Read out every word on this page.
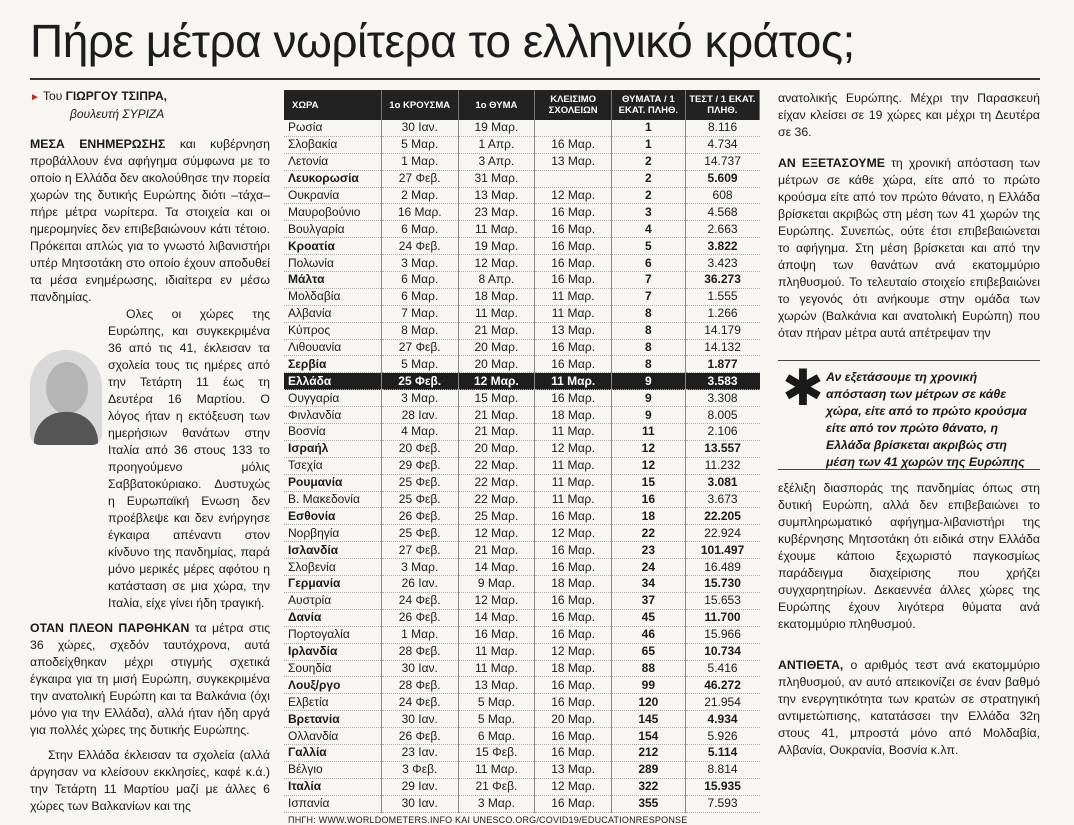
Πήρε μέτρα νωρίτερα το ελληνικό κράτος;
► Του ΓΙΩΡΓΟΥ ΤΣΙΠΡΑ,
βουλευτή ΣΥΡΙΖΑ

ΜΕΣΑ ΕΝΗΜΕΡΩΣΗΣ και κυβέρνηση προβάλλουν ένα αφήγημα σύμφωνα με το οποίο η Ελλάδα δεν ακολούθησε την πορεία χωρών της δυτικής Ευρώπης διότι –τάχα– πήρε μέτρα νωρίτερα. Τα στοιχεία και οι ημερομηνίες δεν επιβεβαιώνουν κάτι τέτοιο. Πρόκειται απλώς για το γνωστό λιβανιστήρι υπέρ Μητσοτάκη στο οποίο έχουν αποδυθεί τα μέσα ενημέρωσης, ιδιαίτερα εν μέσω πανδημίας.

Ολες οι χώρες της Ευρώπης, και συγκεκριμένα 36 από τις 41, έκλεισαν τα σχολεία τους τις ημέρες από την Τετάρτη 11 έως τη Δευτέρα 16 Μαρτίου. Ο λόγος ήταν η εκτόξευση των ημερήσιων θανάτων στην Ιταλία από 36 στους 133 το προηγούμενο μόλις Σαββατοκύριακο. Δυστυχώς η Ευρωπαϊκή Ενωση δεν προέβλεψε και δεν ενήργησε έγκαιρα απέναντι στον κίνδυνο της πανδημίας, παρά μόνο μερικές μέρες αφότου η κατάσταση σε μια χώρα, την Ιταλία, είχε γίνει ήδη τραγική.

ΟΤΑΝ ΠΛΕΟΝ ΠΑΡΘΗΚΑΝ τα μέτρα στις 36 χώρες, σχεδόν ταυτόχρονα, αυτά αποδείχθηκαν μέχρι στιγμής σχετικά έγκαιρα για τη μισή Ευρώπη, συγκεκριμένα την ανατολική Ευρώπη και τα Βαλκάνια (όχι μόνο για την Ελλάδα), αλλά ήταν ήδη αργά για πολλές χώρες της δυτικής Ευρώπης.

Στην Ελλάδα έκλεισαν τα σχολεία (αλλά άργησαν να κλείσουν εκκλησίες, καφέ κ.ά.) την Τετάρτη 11 Μαρτίου μαζί με άλλες 6 χώρες των Βαλκανίων και της

ΧΩΡΑ	1ο ΚΡΟΥΣΜΑ	1ο ΘΥΜΑ	ΚΛΕΙΣΙΜΟ ΣΧΟΛΕΙΩΝ	ΘΥΜΑΤΑ / 1 ΕΚΑΤ. ΠΛΗΘ.	ΤΕΣΤ / 1 ΕΚΑΤ. ΠΛΗΘ.
Ρωσία	30 Ιαν.	19 Μαρ.		1	8.116
Σλοβακία	5 Μαρ.	1 Απρ.	16 Μαρ.	1	4.734
Λετονία	1 Μαρ.	3 Απρ.	13 Μαρ.	2	14.737
Λευκορωσία	27 Φεβ.	31 Μαρ.		2	5.609
Ουκρανία	2 Μαρ.	13 Μαρ.	12 Μαρ.	2	608
Μαυροβούνιο	16 Μαρ.	23 Μαρ.	16 Μαρ.	3	4.568
Βουλγαρία	6 Μαρ.	11 Μαρ.	16 Μαρ.	4	2.663
Κροατία	24 Φεβ.	19 Μαρ.	16 Μαρ.	5	3.822
Πολωνία	3 Μαρ.	12 Μαρ.	16 Μαρ.	6	3.423
Μάλτα	6 Μαρ.	8 Απρ.	16 Μαρ.	7	36.273
Μολδαβία	6 Μαρ.	18 Μαρ.	11 Μαρ.	7	1.555
Αλβανία	7 Μαρ.	11 Μαρ.	11 Μαρ.	8	1.266
Κύπρος	8 Μαρ.	21 Μαρ.	13 Μαρ.	8	14.179
Λιθουανία	27 Φεβ.	20 Μαρ.	16 Μαρ.	8	14.132
Σερβία	5 Μαρ.	20 Μαρ.	16 Μαρ.	8	1.877
Ελλάδα	25 Φεβ.	12 Μαρ.	11 Μαρ.	9	3.583
Ουγγαρία	3 Μαρ.	15 Μαρ.	16 Μαρ.	9	3.308
Φινλανδία	28 Ιαν.	21 Μαρ.	18 Μαρ.	9	8.005
Βοσνία	4 Μαρ.	21 Μαρ.	11 Μαρ.	11	2.106
Ισραήλ	20 Φεβ.	20 Μαρ.	12 Μαρ.	12	13.557
Τσεχία	29 Φεβ.	22 Μαρ.	11 Μαρ.	12	11.232
Ρουμανία	25 Φεβ.	22 Μαρ.	11 Μαρ.	15	3.081
Β. Μακεδονία	25 Φεβ.	22 Μαρ.	11 Μαρ.	16	3.673
Εσθονία	26 Φεβ.	25 Μαρ.	16 Μαρ.	18	22.205
Νορβηγία	25 Φεβ.	12 Μαρ.	12 Μαρ.	22	22.924
Ισλανδία	27 Φεβ.	21 Μαρ.	16 Μαρ.	23	101.497
Σλοβενία	3 Μαρ.	14 Μαρ.	16 Μαρ.	24	16.489
Γερμανία	26 Ιαν.	9 Μαρ.	18 Μαρ.	34	15.730
Αυστρία	24 Φεβ.	12 Μαρ.	16 Μαρ.	37	15.653
Δανία	26 Φεβ.	14 Μαρ.	16 Μαρ.	45	11.700
Πορτογαλία	1 Μαρ.	16 Μαρ.	16 Μαρ.	46	15.966
Ιρλανδία	28 Φεβ.	11 Μαρ.	12 Μαρ.	65	10.734
Σουηδία	30 Ιαν.	11 Μαρ.	18 Μαρ.	88	5.416
Λουξ/ργο	28 Φεβ.	13 Μαρ.	16 Μαρ.	99	46.272
Ελβετία	24 Φεβ.	5 Μαρ.	16 Μαρ.	120	21.954
Βρετανία	30 Ιαν.	5 Μαρ.	20 Μαρ.	145	4.934
Ολλανδία	26 Φεβ.	6 Μαρ.	16 Μαρ.	154	5.926
Γαλλία	23 Ιαν.	15 Φεβ.	16 Μαρ.	212	5.114
Βέλγιο	3 Φεβ.	11 Μαρ.	13 Μαρ.	289	8.814
Ιταλία	29 Ιαν.	21 Φεβ.	12 Μαρ.	322	15.935
Ισπανία	30 Ιαν.	3 Μαρ.	16 Μαρ.	355	7.593
ΠΗΓΗ: WWW.WORLDOMETERS.INFO ΚΑΙ UNESCO.ORG/COVID19/EDUCATIONRESPONSE

ανατολικής Ευρώπης. Μέχρι την Παρασκευή είχαν κλείσει σε 19 χώρες και μέχρι τη Δευτέρα σε 36.

ΑΝ ΕΞΕΤΑΣΟΥΜΕ τη χρονική απόσταση των μέτρων σε κάθε χώρα, είτε από το πρώτο κρούσμα είτε από τον πρώτο θάνατο, η Ελλάδα βρίσκεται ακριβώς στη μέση των 41 χωρών της Ευρώπης. Συνεπώς, ούτε έτσι επιβεβαιώνεται το αφήγημα. Στη μέση βρίσκεται και από την άποψη των θανάτων ανά εκατομμύριο πληθυσμού. Το τελευταίο στοιχείο επιβεβαιώνει το γεγονός ότι ανήκουμε στην ομάδα των χωρών (Βαλκάνια και ανατολική Ευρώπη) που όταν πήραν μέτρα αυτά απέτρεψαν την

✱ Αν εξετάσουμε τη χρονική απόσταση των μέτρων σε κάθε χώρα, είτε από το πρώτο κρούσμα είτε από τον πρώτο θάνατο, η Ελλάδα βρίσκεται ακριβώς στη μέση των 41 χωρών της Ευρώπης

εξέλιξη διασποράς της πανδημίας όπως στη δυτική Ευρώπη, αλλά δεν επιβεβαιώνει το συμπληρωματικό αφήγημα-λιβανιστήρι της κυβέρνησης Μητσοτάκη ότι ειδικά στην Ελλάδα έχουμε κάποιο ξεχωριστό παγκοσμίως παράδειγμα διαχείρισης που χρήζει συγχαρητηρίων. Δεκαεννέα άλλες χώρες της Ευρώπης έχουν λιγότερα θύματα ανά εκατομμύριο πληθυσμού.

ΑΝΤΙΘΕΤΑ, ο αριθμός τεστ ανά εκατομμύριο πληθυσμού, αν αυτό απεικονίζει σε έναν βαθμό την ενεργητικότητα των κρατών σε στρατηγική αντιμετώπισης, κατατάσσει την Ελλάδα 32η στους 41, μπροστά μόνο από Μολδαβία, Αλβανία, Ουκρανία, Βοσνία κ.λπ.
